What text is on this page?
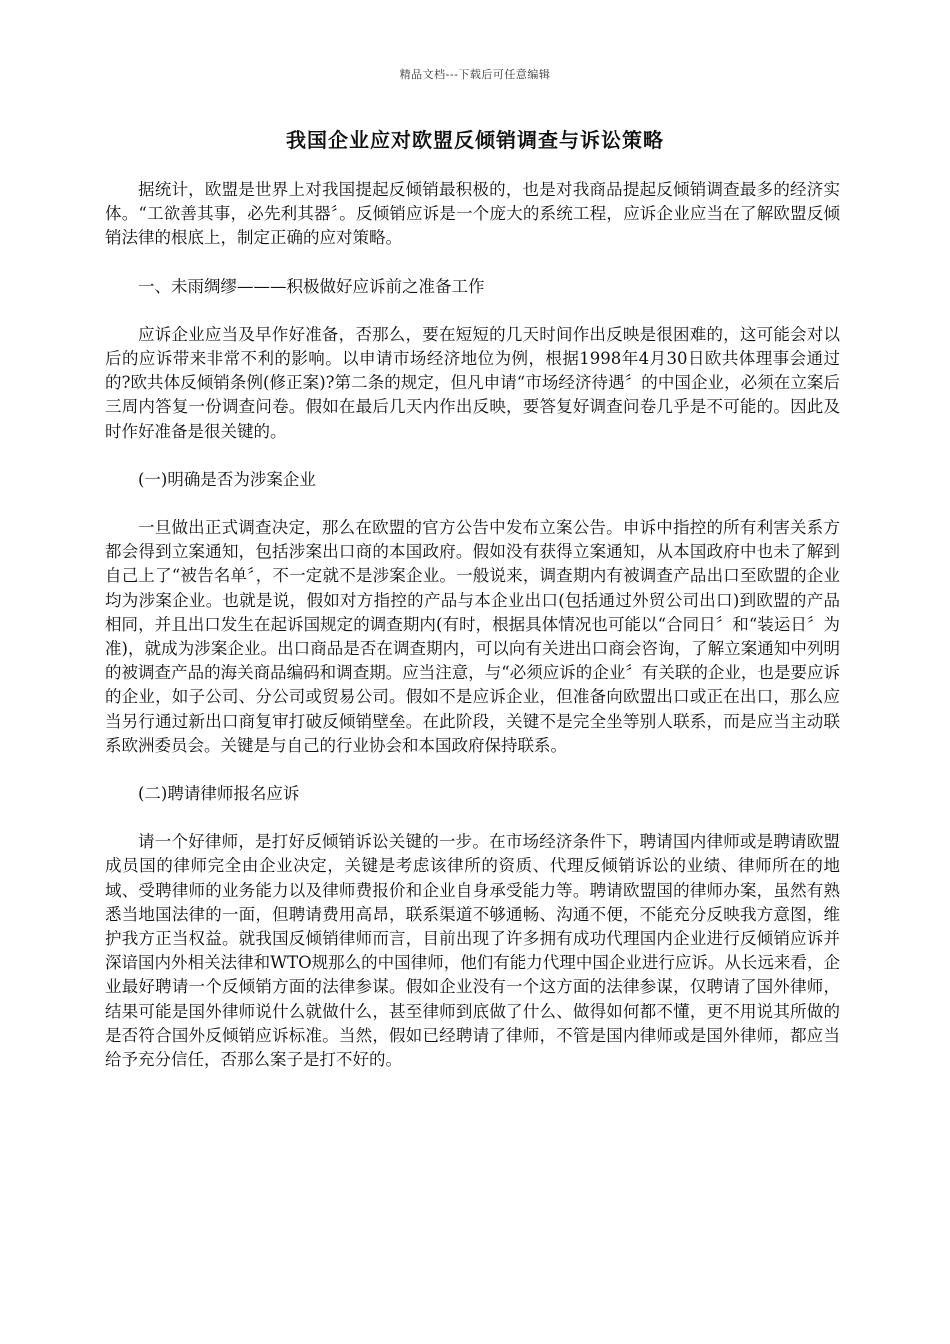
精品文档---下载后可任意编辑
我国企业应对欧盟反倾销调查与诉讼策略

据统计，欧盟是世界上对我国提起反倾销最积极的，也是对我商品提起反倾销调查最多的经济实体。“工欲善其事，必先利其器〞。反倾销应诉是一个庞大的系统工程，应诉企业应当在了解欧盟反倾销法律的根底上，制定正确的应对策略。

一、未雨绸缪———积极做好应诉前之准备工作

应诉企业应当及早作好准备，否那么，要在短短的几天时间作出反映是很困难的，这可能会对以后的应诉带来非常不利的影响。以申请市场经济地位为例，根据1998年4月30日欧共体理事会通过的?欧共体反倾销条例(修正案)?第二条的规定，但凡申请“市场经济待遇〞的中国企业，必须在立案后三周内答复一份调查问卷。假如在最后几天内作出反映，要答复好调查问卷几乎是不可能的。因此及时作好准备是很关键的。

(一)明确是否为涉案企业

一旦做出正式调查决定，那么在欧盟的官方公告中发布立案公告。申诉中指控的所有利害关系方都会得到立案通知，包括涉案出口商的本国政府。假如没有获得立案通知，从本国政府中也未了解到自己上了“被告名单〞，不一定就不是涉案企业。一般说来，调查期内有被调查产品出口至欧盟的企业均为涉案企业。也就是说，假如对方指控的产品与本企业出口(包括通过外贸公司出口)到欧盟的产品相同，并且出口发生在起诉国规定的调查期内(有时，根据具体情况也可能以“合同日〞和“装运日〞为准)，就成为涉案企业。出口商品是否在调查期内，可以向有关进出口商会咨询，了解立案通知中列明的被调查产品的海关商品编码和调查期。应当注意，与“必须应诉的企业〞有关联的企业，也是要应诉的企业，如子公司、分公司或贸易公司。假如不是应诉企业，但准备向欧盟出口或正在出口，那么应当另行通过新出口商复审打破反倾销壁垒。在此阶段，关键不是完全坐等别人联系，而是应当主动联系欧洲委员会。关键是与自己的行业协会和本国政府保持联系。

(二)聘请律师报名应诉

请一个好律师，是打好反倾销诉讼关键的一步。在市场经济条件下，聘请国内律师或是聘请欧盟成员国的律师完全由企业决定，关键是考虑该律所的资质、代理反倾销诉讼的业绩、律师所在的地域、受聘律师的业务能力以及律师费报价和企业自身承受能力等。聘请欧盟国的律师办案，虽然有熟悉当地国法律的一面，但聘请费用高昂，联系渠道不够通畅、沟通不便，不能充分反映我方意图，维护我方正当权益。就我国反倾销律师而言，目前出现了许多拥有成功代理国内企业进行反倾销应诉并深谙国内外相关法律和WTO规那么的中国律师，他们有能力代理中国企业进行应诉。从长远来看，企业最好聘请一个反倾销方面的法律参谋。假如企业没有一个这方面的法律参谋，仅聘请了国外律师，结果可能是国外律师说什么就做什么，甚至律师到底做了什么、做得如何都不懂，更不用说其所做的是否符合国外反倾销应诉标准。当然，假如已经聘请了律师，不管是国内律师或是国外律师，都应当给予充分信任，否那么案子是打不好的。
